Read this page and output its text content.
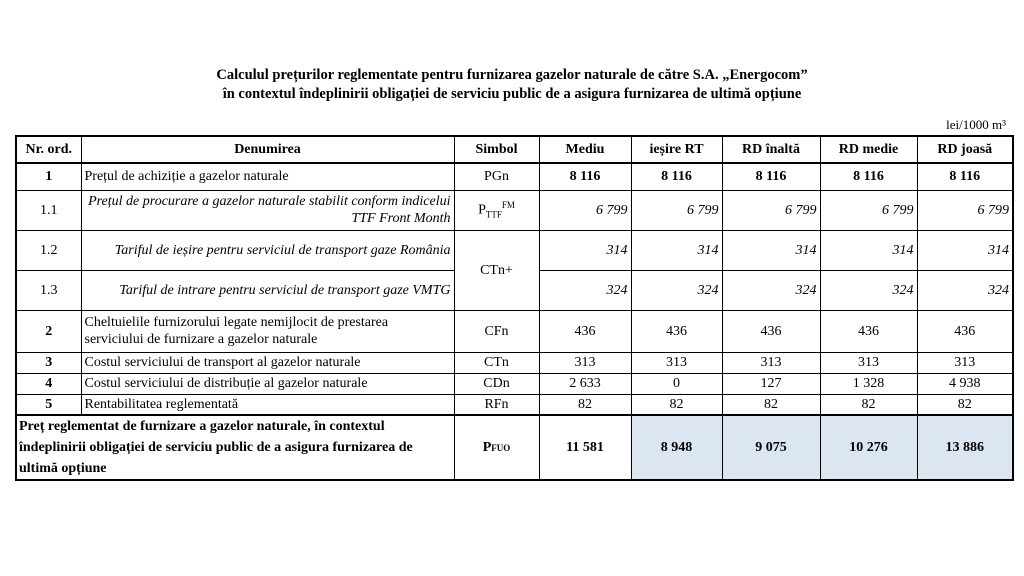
Calculul prețurilor reglementate pentru furnizarea gazelor naturale de către S.A. „Energocom”
în contextul îndeplinirii obligației de serviciu public de a asigura furnizarea de ultimă opțiune
lei/1000 m³
Nr. ord.	Denumirea	Simbol	Mediu	ieșire RT	RD înaltă	RD medie	RD joasă
1	Prețul de achiziție a gazelor naturale	PGn	8 116	8 116	8 116	8 116	8 116
1.1	Prețul de procurare a gazelor naturale stabilit conform indicelui TTF Front Month	$P_{TTF}^{FM}$	6 799	6 799	6 799	6 799	6 799
1.2	Tariful de ieșire pentru serviciul de transport gaze România	CTn+	314	314	314	314	314
1.3	Tariful de intrare pentru serviciul de transport gaze VMTG		324	324	324	324	324
2	Cheltuielile furnizorului legate nemijlocit de prestarea serviciului de furnizare a gazelor naturale	CFn	436	436	436	436	436
3	Costul serviciului de transport al gazelor naturale	CTn	313	313	313	313	313
4	Costul serviciului de distribuție al gazelor naturale	CDn	2 633	0	127	1 328	4 938
5	Rentabilitatea reglementată	RFn	82	82	82	82	82
Preț reglementat de furnizare a gazelor naturale, în contextul îndeplinirii obligației de serviciu public de a asigura furnizarea de ultimă opțiune		PFUO	11 581	8 948	9 075	10 276	13 886
